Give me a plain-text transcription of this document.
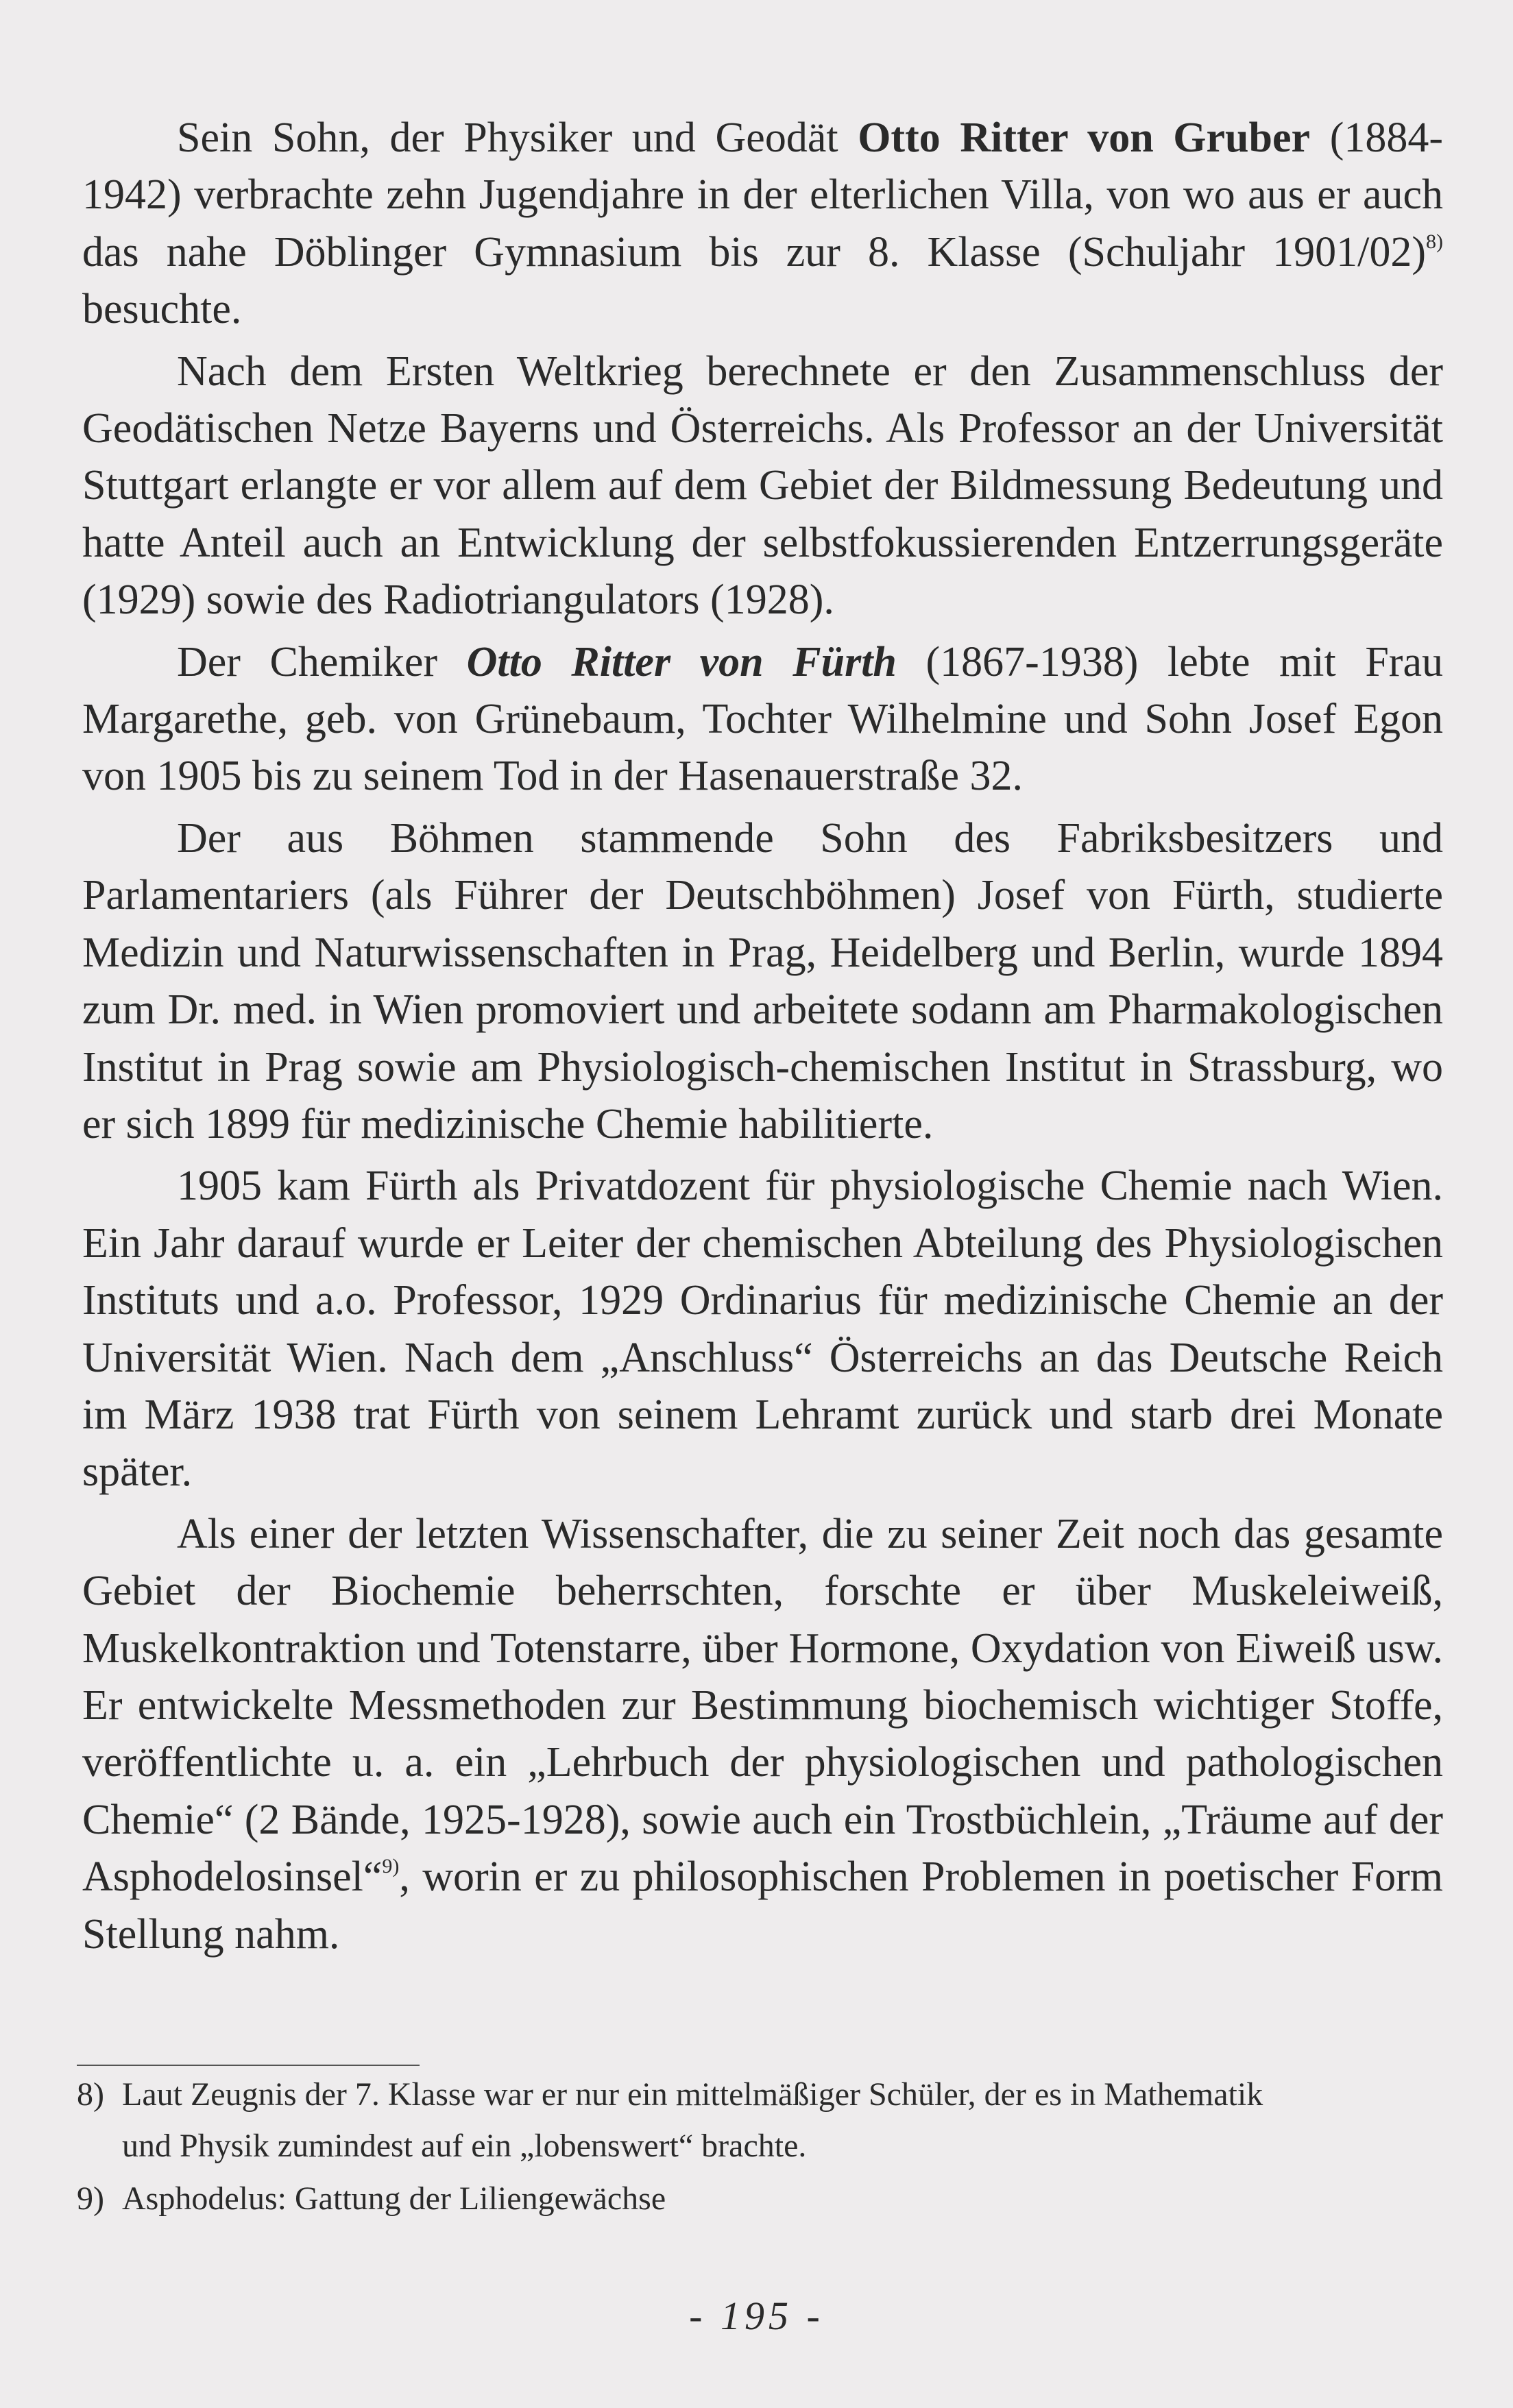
Sein Sohn, der Physiker und Geodät Otto Ritter von Gruber (1884-1942) verbrachte zehn Jugendjahre in der elterlichen Villa, von wo aus er auch das nahe Döblinger Gymnasium bis zur 8. Klasse (Schuljahr 1901/02)$^{8)}$ besuchte.

Nach dem Ersten Weltkrieg berechnete er den Zusammenschluss der Geodätischen Netze Bayerns und Österreichs. Als Professor an der Universität Stuttgart erlangte er vor allem auf dem Gebiet der Bildmessung Bedeutung und hatte Anteil auch an Entwicklung der selbstfokussierenden Entzerrungsgeräte (1929) sowie des Radiotriangulators (1928).

Der Chemiker Otto Ritter von Fürth (1867-1938) lebte mit Frau Margarethe, geb. von Grünebaum, Tochter Wilhelmine und Sohn Josef Egon von 1905 bis zu seinem Tod in der Hasenauerstraße 32.

Der aus Böhmen stammende Sohn des Fabriksbesitzers und Parlamentariers (als Führer der Deutschböhmen) Josef von Fürth, studierte Medizin und Naturwissenschaften in Prag, Heidelberg und Berlin, wurde 1894 zum Dr. med. in Wien promoviert und arbeitete sodann am Pharmakologischen Institut in Prag sowie am Physiologisch-chemischen Institut in Strassburg, wo er sich 1899 für medizinische Chemie habilitierte.

1905 kam Fürth als Privatdozent für physiologische Chemie nach Wien. Ein Jahr darauf wurde er Leiter der chemischen Abteilung des Physiologischen Instituts und a.o. Professor, 1929 Ordinarius für medizinische Chemie an der Universität Wien. Nach dem „Anschluss“ Österreichs an das Deutsche Reich im März 1938 trat Fürth von seinem Lehramt zurück und starb drei Monate später.

Als einer der letzten Wissenschafter, die zu seiner Zeit noch das gesamte Gebiet der Biochemie beherrschten, forschte er über Muskeleiweiß, Muskelkontraktion und Totenstarre, über Hormone, Oxydation von Eiweiß usw. Er entwickelte Messmethoden zur Bestimmung biochemisch wichtiger Stoffe, veröffentlichte u. a. ein „Lehrbuch der physiologischen und pathologischen Chemie“ (2 Bände, 1925-1928), sowie auch ein Trostbüchlein, „Träume auf der Asphodelosinsel“$^{9)}$, worin er zu philosophischen Problemen in poetischer Form Stellung nahm.

8) Laut Zeugnis der 7. Klasse war er nur ein mittelmäßiger Schüler, der es in Mathematik
und Physik zumindest auf ein „lobenswert“ brachte.
9) Asphodelus: Gattung der Liliengewächse
- 195 -
